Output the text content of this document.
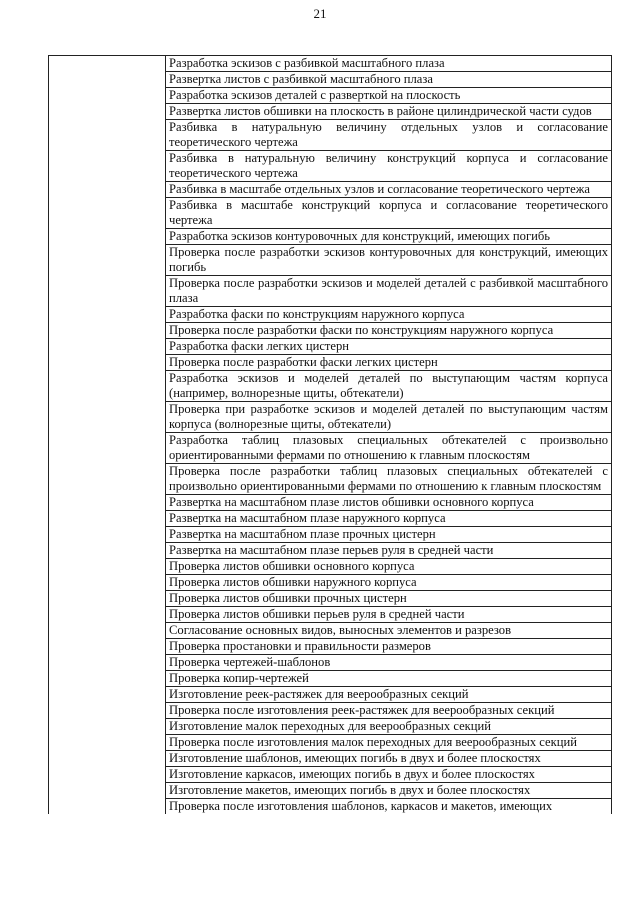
21
	Разработка эскизов с разбивкой масштабного плаза
Развертка листов с разбивкой масштабного плаза
Разработка эскизов деталей с разверткой на плоскость
Развертка листов обшивки на плоскость в районе цилиндрической части судов
Разбивка в натуральную величину отдельных узлов и согласование теоретического чертежа
Разбивка в натуральную величину конструкций корпуса и согласование теоретического чертежа
Разбивка в масштабе отдельных узлов и согласование теоретического чертежа
Разбивка в масштабе конструкций корпуса и согласование теоретического чертежа
Разработка эскизов контуровочных для конструкций, имеющих погибь
Проверка после разработки эскизов контуровочных для конструкций, имеющих погибь
Проверка после разработки эскизов и моделей деталей с разбивкой масштабного плаза
Разработка фаски по конструкциям наружного корпуса
Проверка после разработки фаски по конструкциям наружного корпуса
Разработка фаски легких цистерн
Проверка после разработки фаски легких цистерн
Разработка эскизов и моделей деталей по выступающим частям корпуса (например, волнорезные щиты, обтекатели)
Проверка при разработке эскизов и моделей деталей по выступающим частям корпуса (волнорезные щиты, обтекатели)
Разработка таблиц плазовых специальных обтекателей с произвольно ориентированными фермами по отношению к главным плоскостям
Проверка после разработки таблиц плазовых специальных обтекателей с произвольно ориентированными фермами по отношению к главным плоскостям
Развертка на масштабном плазе листов обшивки основного корпуса
Развертка на масштабном плазе наружного корпуса
Развертка на масштабном плазе прочных цистерн
Развертка на масштабном плазе перьев руля в средней части
Проверка листов обшивки основного корпуса
Проверка листов обшивки наружного корпуса
Проверка листов обшивки прочных цистерн
Проверка листов обшивки перьев руля в средней части
Согласование основных видов, выносных элементов и разрезов
Проверка простановки и правильности размеров
Проверка чертежей-шаблонов
Проверка копир-чертежей
Изготовление реек-растяжек для веерообразных секций
Проверка после изготовления реек-растяжек для веерообразных секций
Изготовление малок переходных для веерообразных секций
Проверка после изготовления малок переходных для веерообразных секций
Изготовление шаблонов, имеющих погибь в двух и более плоскостях
Изготовление каркасов, имеющих погибь в двух и более плоскостях
Изготовление макетов, имеющих погибь в двух и более плоскостях
Проверка после изготовления шаблонов, каркасов и макетов, имеющих
